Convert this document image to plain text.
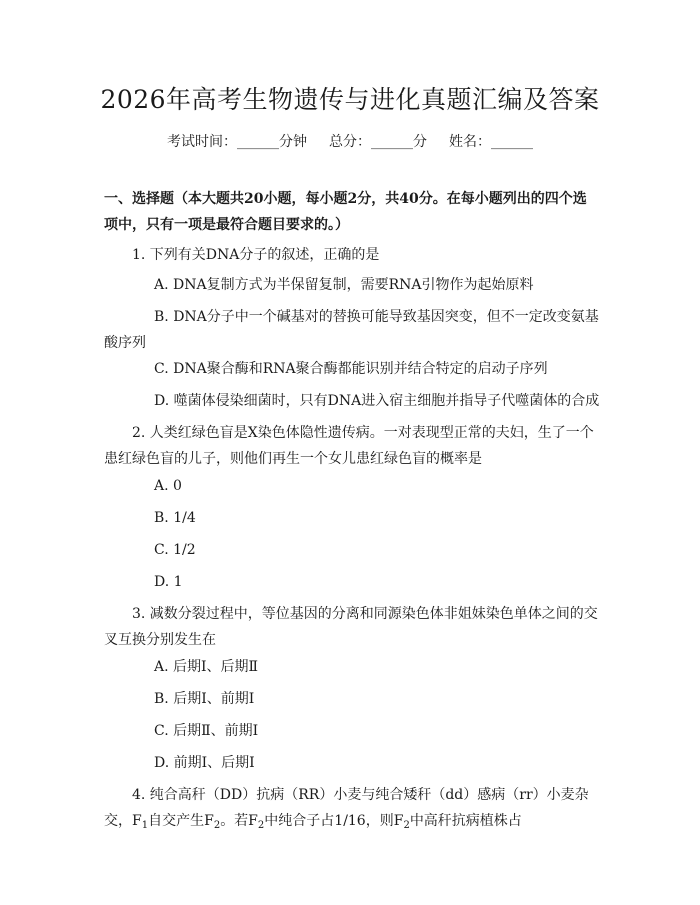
2026年高考生物遗传与进化真题汇编及答案
考试时间：______分钟 总分：______分 姓名：______
一、选择题（本大题共20小题，每小题2分，共40分。在每小题列出的四个选项中，只有一项是最符合题目要求的。）
1. 下列有关DNA分子的叙述，正确的是
A. DNA复制方式为半保留复制，需要RNA引物作为起始原料
B. DNA分子中一个碱基对的替换可能导致基因突变，但不一定改变氨基酸序列
C. DNA聚合酶和RNA聚合酶都能识别并结合特定的启动子序列
D. 噬菌体侵染细菌时，只有DNA进入宿主细胞并指导子代噬菌体的合成
2. 人类红绿色盲是X染色体隐性遗传病。一对表现型正常的夫妇，生了一个患红绿色盲的儿子，则他们再生一个女儿患红绿色盲的概率是
A. 0
B. 1/4
C. 1/2
D. 1
3. 减数分裂过程中，等位基因的分离和同源染色体非姐妹染色单体之间的交叉互换分别发生在
A. 后期Ⅰ、后期Ⅱ
B. 后期Ⅰ、前期Ⅰ
C. 后期Ⅱ、前期Ⅰ
D. 前期Ⅰ、后期Ⅰ
4. 纯合高秆（DD）抗病（RR）小麦与纯合矮秆（dd）感病（rr）小麦杂交，$F_1$自交产生$F_2$。若$F_2$中纯合子占1/16，则$F_2$中高秆抗病植株占
